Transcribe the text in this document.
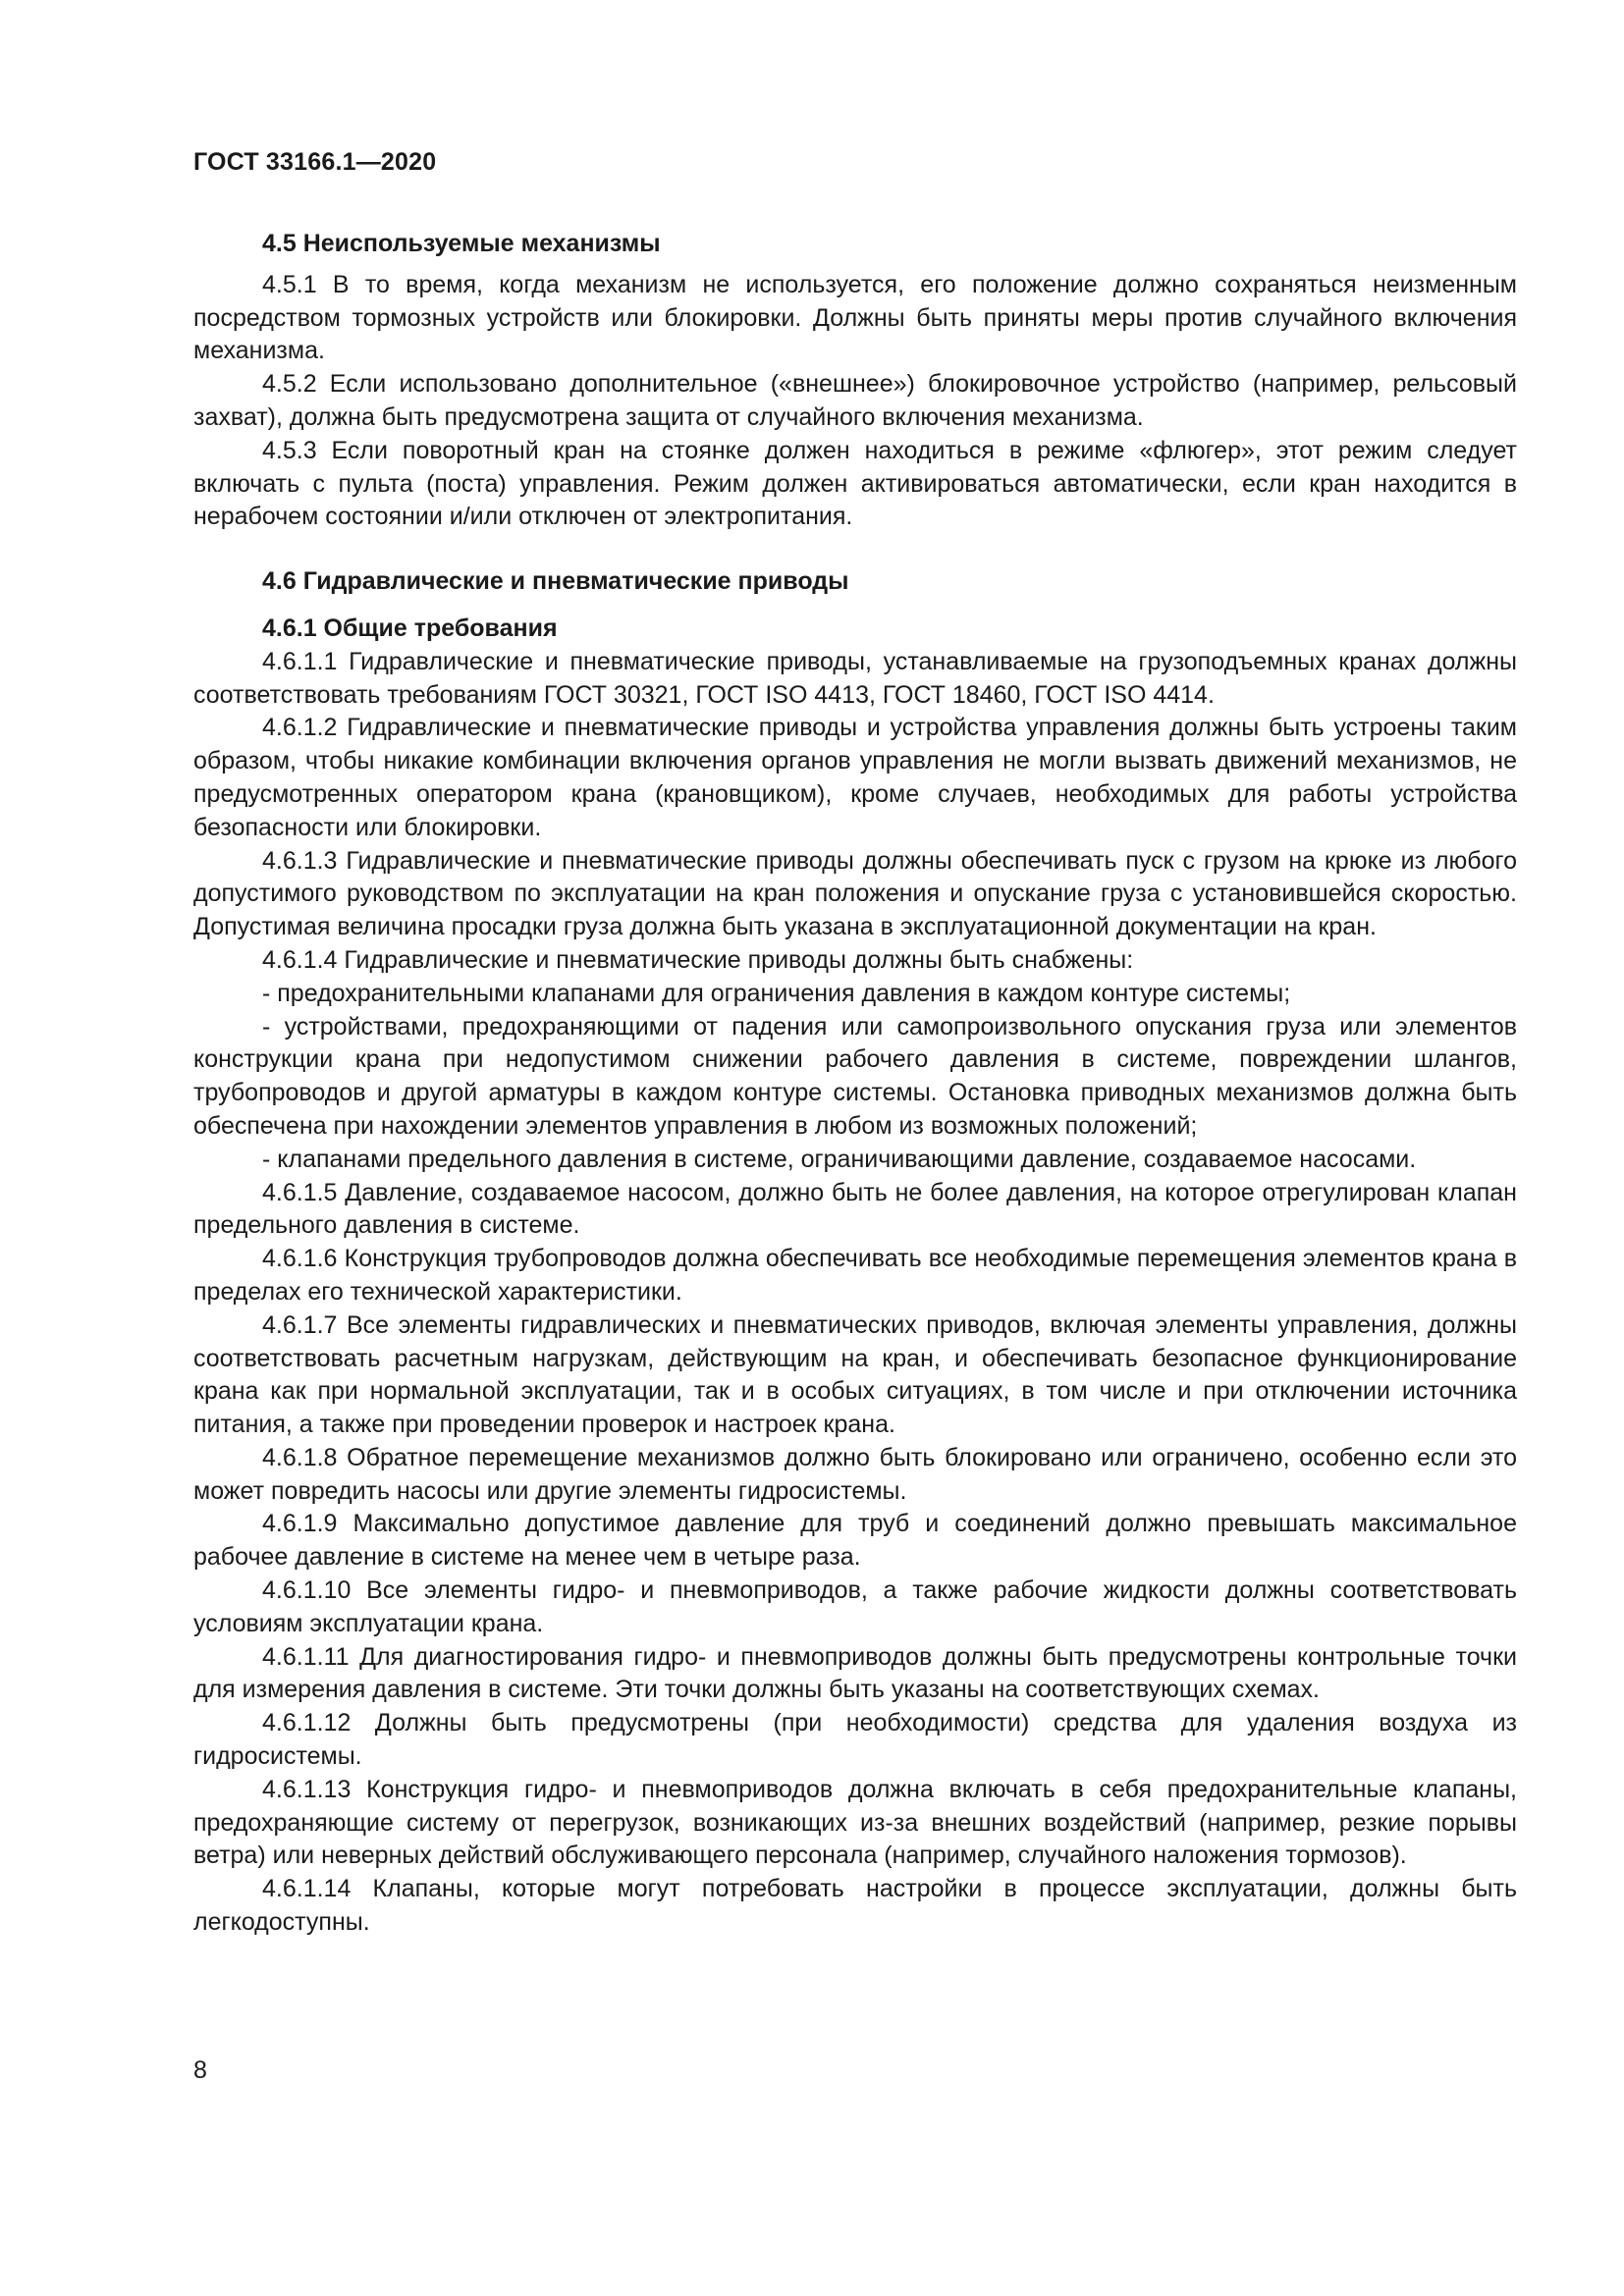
ГОСТ 33166.1—2020
4.5 Неиспользуемые механизмы

4.5.1 В то время, когда механизм не используется, его положение должно сохраняться неизменным посредством тормозных устройств или блокировки. Должны быть приняты меры против случайного включения механизма.

4.5.2 Если использовано дополнительное («внешнее») блокировочное устройство (например, рельсовый захват), должна быть предусмотрена защита от случайного включения механизма.

4.5.3 Если поворотный кран на стоянке должен находиться в режиме «флюгер», этот режим следует включать с пульта (поста) управления. Режим должен активироваться автоматически, если кран находится в нерабочем состоянии и/или отключен от электропитания.

4.6 Гидравлические и пневматические приводы
4.6.1 Общие требования

4.6.1.1 Гидравлические и пневматические приводы, устанавливаемые на грузоподъемных кранах должны соответствовать требованиям ГОСТ 30321, ГОСТ ISO 4413, ГОСТ 18460, ГОСТ ISO 4414.

4.6.1.2 Гидравлические и пневматические приводы и устройства управления должны быть устроены таким образом, чтобы никакие комбинации включения органов управления не могли вызвать движений механизмов, не предусмотренных оператором крана (крановщиком), кроме случаев, необходимых для работы устройства безопасности или блокировки.

4.6.1.3 Гидравлические и пневматические приводы должны обеспечивать пуск с грузом на крюке из любого допустимого руководством по эксплуатации на кран положения и опускание груза с установившейся скоростью. Допустимая величина просадки груза должна быть указана в эксплуатационной документации на кран.

4.6.1.4 Гидравлические и пневматические приводы должны быть снабжены:

- предохранительными клапанами для ограничения давления в каждом контуре системы;

- устройствами, предохраняющими от падения или самопроизвольного опускания груза или элементов конструкции крана при недопустимом снижении рабочего давления в системе, повреждении шлангов, трубопроводов и другой арматуры в каждом контуре системы. Остановка приводных механизмов должна быть обеспечена при нахождении элементов управления в любом из возможных положений;

- клапанами предельного давления в системе, ограничивающими давление, создаваемое насосами.

4.6.1.5 Давление, создаваемое насосом, должно быть не более давления, на которое отрегулирован клапан предельного давления в системе.

4.6.1.6 Конструкция трубопроводов должна обеспечивать все необходимые перемещения элементов крана в пределах его технической характеристики.

4.6.1.7 Все элементы гидравлических и пневматических приводов, включая элементы управления, должны соответствовать расчетным нагрузкам, действующим на кран, и обеспечивать безопасное функционирование крана как при нормальной эксплуатации, так и в особых ситуациях, в том числе и при отключении источника питания, а также при проведении проверок и настроек крана.

4.6.1.8 Обратное перемещение механизмов должно быть блокировано или ограничено, особенно если это может повредить насосы или другие элементы гидросистемы.

4.6.1.9 Максимально допустимое давление для труб и соединений должно превышать максимальное рабочее давление в системе на менее чем в четыре раза.

4.6.1.10 Все элементы гидро- и пневмоприводов, а также рабочие жидкости должны соответствовать условиям эксплуатации крана.

4.6.1.11 Для диагностирования гидро- и пневмоприводов должны быть предусмотрены контрольные точки для измерения давления в системе. Эти точки должны быть указаны на соответствующих схемах.

4.6.1.12 Должны быть предусмотрены (при необходимости) средства для удаления воздуха из гидросистемы.

4.6.1.13 Конструкция гидро- и пневмоприводов должна включать в себя предохранительные клапаны, предохраняющие систему от перегрузок, возникающих из-за внешних воздействий (например, резкие порывы ветра) или неверных действий обслуживающего персонала (например, случайного наложения тормозов).

4.6.1.14 Клапаны, которые могут потребовать настройки в процессе эксплуатации, должны быть легкодоступны.

8
